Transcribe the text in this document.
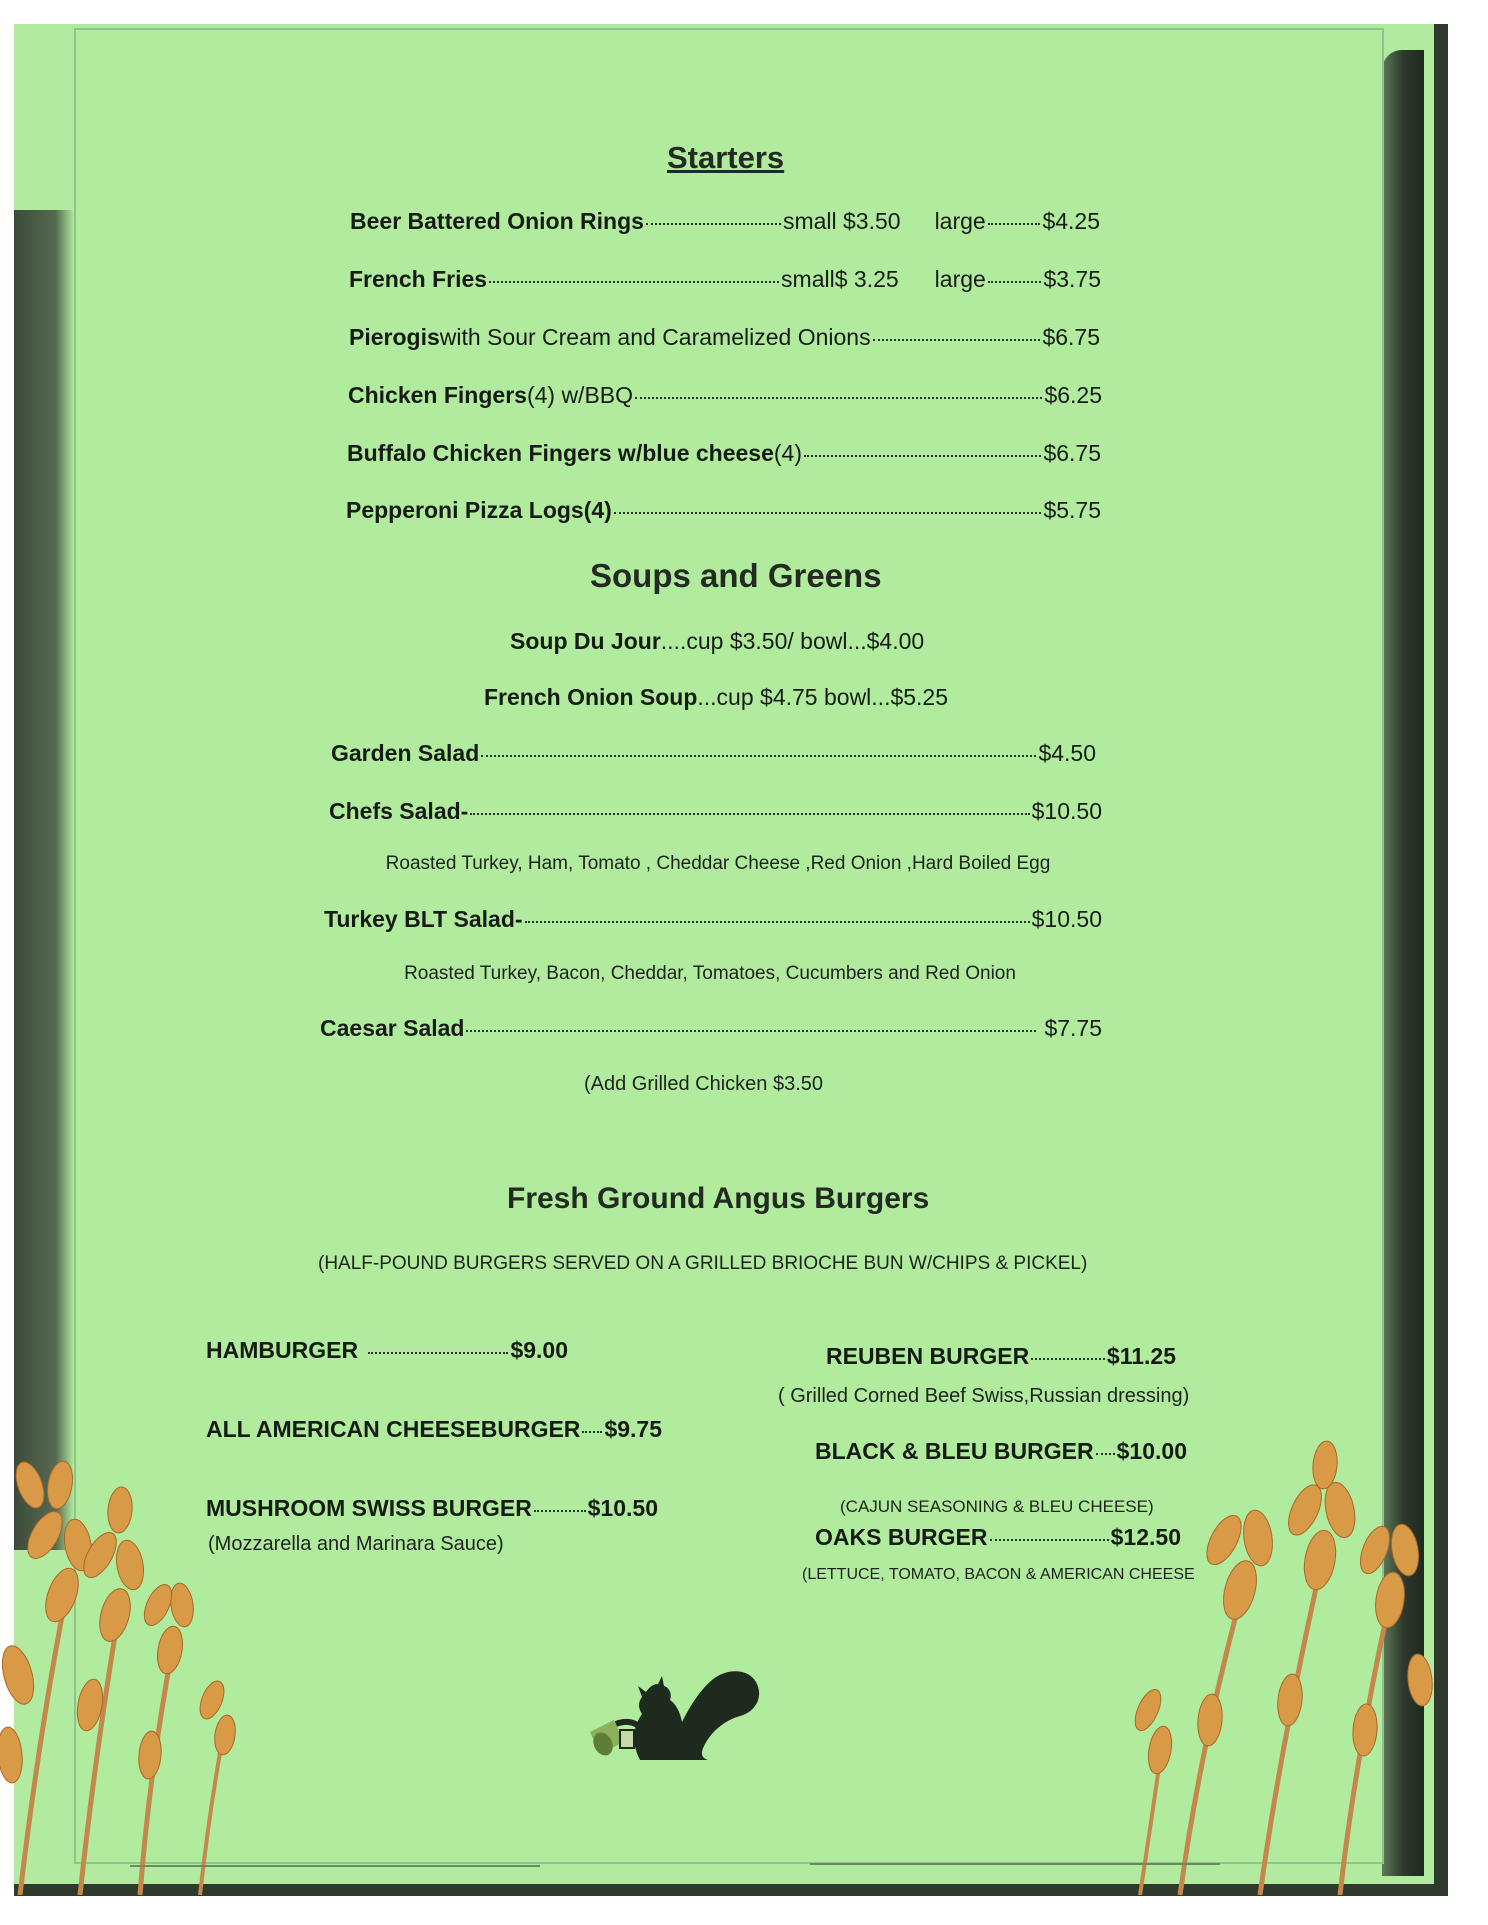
Starters
Beer Battered Onion Rings	small $3.50 large $4.25
French Fries	small$ 3.25 large	$3.75
Pierogis with Sour Cream and Caramelized Onions	$6.75
Chicken Fingers (4) w/BBQ	$6.25
Buffalo Chicken Fingers w/blue cheese (4)	$6.75
Pepperoni Pizza Logs (4)	$5.75
Soups and Greens
Soup Du Jour....cup $3.50/ bowl...$4.00
French Onion Soup...cup $4.75 bowl...$5.25
Garden Salad	$4.50
Chefs Salad-	$10.50
Roasted Turkey, Ham, Tomato , Cheddar Cheese ,Red Onion ,Hard Boiled Egg
Turkey BLT Salad-	$10.50
Roasted Turkey, Bacon, Cheddar, Tomatoes, Cucumbers and Red Onion
Caesar Salad	$7.75
(Add Grilled Chicken $3.50
Fresh Ground Angus Burgers
(HALF-POUND BURGERS SERVED ON A GRILLED BRIOCHE BUN W/CHIPS & PICKEL)
HAMBURGER	$9.00
ALL AMERICAN CHEESEBURGER $9.75
MUSHROOM SWISS BURGER $10.50
(Mozzarella and Marinara Sauce)
REUBEN BURGER	$11.25
( Grilled Corned Beef Swiss,Russian dressing)
BLACK & BLEU BURGER $10.00
(CAJUN SEASONING & BLEU CHEESE)
OAKS BURGER	$12.50
(LETTUCE, TOMATO, BACON & AMERICAN CHEESE
